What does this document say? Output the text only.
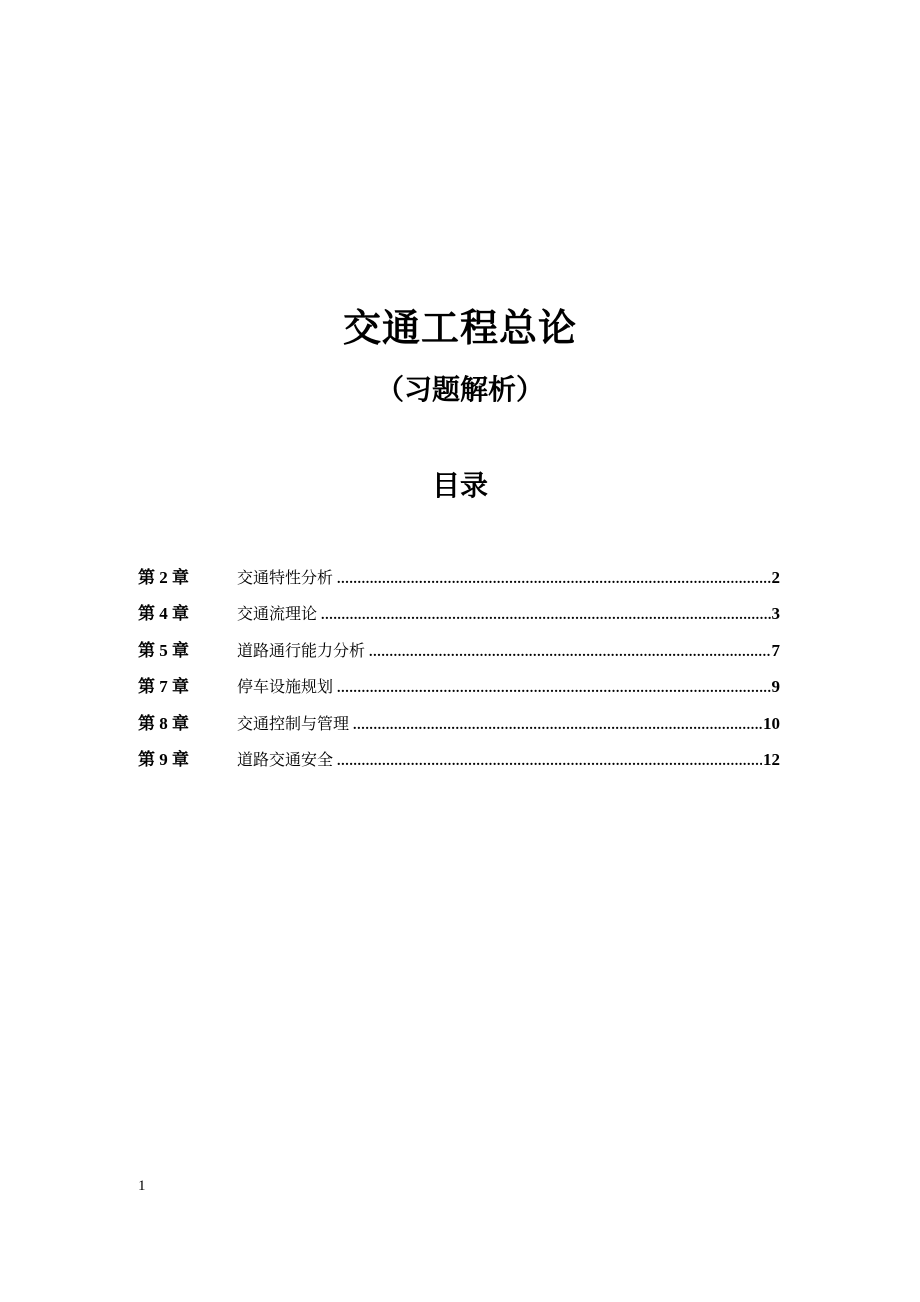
交通工程总论
（习题解析）
目录
第 2 章	交通特性分析 .....	2
第 4 章	交通流理论 .....	3
第 5 章	道路通行能力分析 .....	7
第 7 章	停车设施规划 .....	9
第 8 章	交通控制与管理 .....	10
第 9 章	道路交通安全 .....	12
1
